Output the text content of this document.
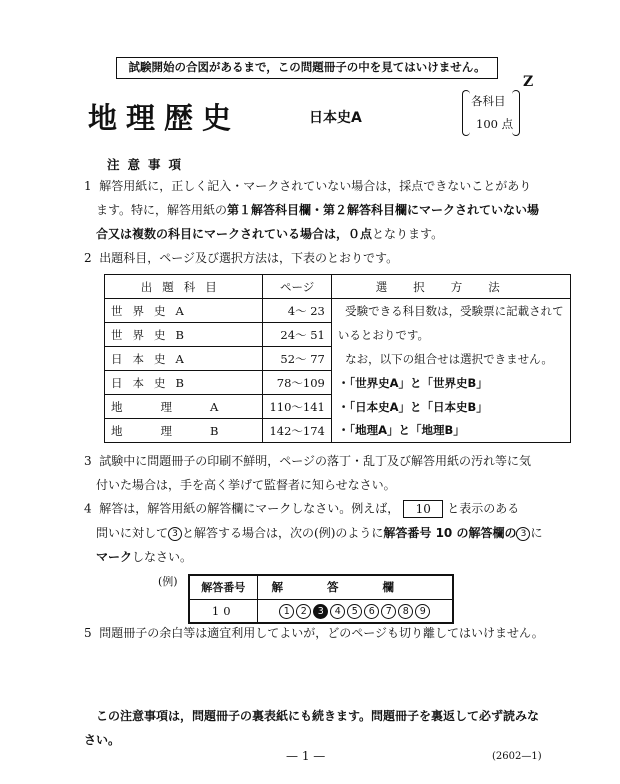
試験開始の合図があるまで，この問題冊子の中を見てはいけません。
Z
地理歴史	日本史A
各科目
100 点
注意事項
1 解答用紙に，正しく記入・マークされていない場合は，採点できないことがあり
ます。特に，解答用紙の第１解答科目欄・第２解答科目欄にマークされていない場
合又は複数の科目にマークされている場合は，０点となります。
2 出題科目，ページ及び選択方法は，下表のとおりです。
出題科目	ページ	選択方法
世界史A	4〜 23	受験できる科目数は，受験票に記載されて
世界史B	24〜 51	いるとおりです。
日本史A	52〜 77	なお，以下の組合せは選択できません。
日本史B	78〜109	・「世界史A」と「世界史B」
地理A	110〜141	・「日本史A」と「日本史B」
地理B	142〜174	・「地理A」と「地理B」
3 試験中に問題冊子の印刷不鮮明，ページの落丁・乱丁及び解答用紙の汚れ等に気
付いた場合は，手を高く挙げて監督者に知らせなさい。
4 解答は，解答用紙の解答欄にマークしなさい。例えば， 10 と表示のある
問いに対して 3 と解答する場合は，次の(例)のように解答番号 10 の解答欄の 3 に
マークしなさい。
(例) 解答番号	解答欄
10	1 2 3 4 5 6 7 8 9
5 問題冊子の余白等は適宜利用してよいが，どのページも切り離してはいけません。
この注意事項は，問題冊子の裏表紙にも続きます。問題冊子を裏返して必ず読みな
さい。
— 1 —	(2602—1)
